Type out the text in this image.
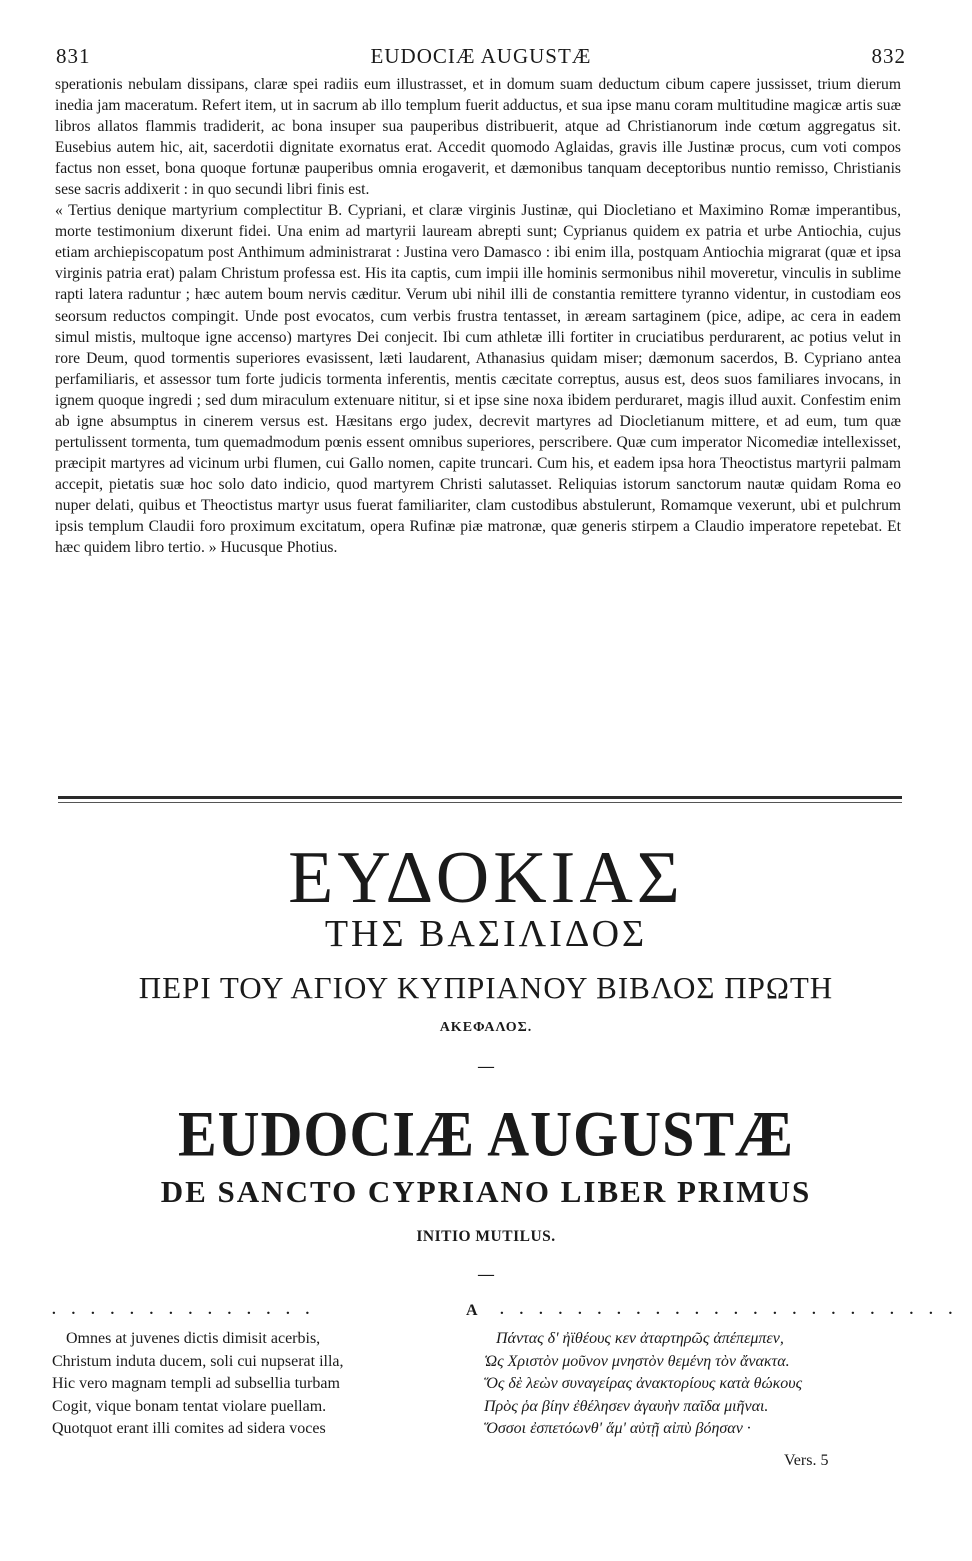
831	EUDOCIÆ AUGUSTÆ	832

sperationis nebulam dissipans, claræ spei radiis eum illustrasset, et in domum suam deductum cibum capere jussisset, trium dierum inedia jam maceratum. Refert item, ut in sacrum ab illo templum fuerit adductus, et sua ipse manu coram multitudine magicæ artis suæ libros allatos flammis tradiderit, ac bona insuper sua pauperibus distribuerit, atque ad Christianorum inde cœtum aggregatus sit. Eusebius autem hic, ait, sacerdotii dignitate exornatus erat. Accedit quomodo Aglaidas, gravis ille Justinæ procus, cum voti compos factus non esset, bona quoque fortunæ pauperibus omnia erogaverit, et dæmonibus tanquam deceptoribus nuntio remisso, Christianis sese sacris addixerit : in quo secundi libri finis est.

« Tertius denique martyrium complectitur B. Cypriani, et claræ virginis Justinæ, qui Diocletiano et Maximino Romæ imperantibus, morte testimonium dixerunt fidei. Una enim ad martyrii lauream abrepti sunt; Cyprianus quidem ex patria et urbe Antiochia, cujus etiam archiepiscopatum post Anthimum administrarat : Justina vero Damasco : ibi enim illa, postquam Antiochia migrarat (quæ et ipsa virginis patria erat) palam Christum professa est. His ita captis, cum impii ille hominis sermonibus nihil moveretur, vinculis in sublime rapti latera raduntur ; hæc autem boum nervis cæditur. Verum ubi nihil illi de constantia remittere tyranno videntur, in custodiam eos seorsum reductos compingit. Unde post evocatos, cum verbis frustra tentasset, in æream sartaginem (pice, adipe, ac cera in eadem simul mistis, multoque igne accenso) martyres Dei conjecit. Ibi cum athletæ illi fortiter in cruciatibus perdurarent, ac potius velut in rore Deum, quod tormentis superiores evasissent, læti laudarent, Athanasius quidam miser; dæmonum sacerdos, B. Cypriano antea perfamiliaris, et assessor tum forte judicis tormenta inferentis, mentis cæcitate correptus, ausus est, deos suos familiares invocans, in ignem quoque ingredi ; sed dum miraculum extenuare nititur, si et ipse sine noxa ibidem perduraret, magis illud auxit. Confestim enim ab igne absumptus in cinerem versus est. Hæsitans ergo judex, decrevit martyres ad Diocletianum mittere, et ad eum, tum quæ pertulissent tormenta, tum quemadmodum pœnis essent omnibus superiores, perscribere. Quæ cum imperator Nicomediæ intellexisset, præcipit martyres ad vicinum urbi flumen, cui Gallo nomen, capite truncari. Cum his, et eadem ipsa hora Theoctistus martyrii palmam accepit, pietatis suæ hoc solo dato indicio, quod martyrem Christi salutasset. Reliquias istorum sanctorum nautæ quidam Roma eo nuper delati, quibus et Theoctistus martyr usus fuerat familiariter, clam custodibus abstulerunt, Romamque vexerunt, ubi et pulchrum ipsis templum Claudii foro proximum excitatum, opera Rufinæ piæ matronæ, quæ generis stirpem a Claudio imperatore repetebat. Et hæc quidem libro tertio. » Hucusque Photius.

ΕΥΔΟΚΙΑΣ
ΤΗΣ ΒΑΣΙΛΙΔΟΣ
ΠΕΡΙ ΤΟΥ ΑΓΙΟΥ ΚΥΠΡΙΑΝΟΥ ΒΙΒΛΟΣ ΠΡΩΤΗ
ΑΚΕΦΑΛΟΣ.
—
EUDOCIÆ AUGUSTÆ
DE SANCTO CYPRIANO LIBER PRIMUS
INITIO MUTILUS.
—
. . . . . . . . . . . . . .	A . . . . . . . . . . . . . . . . . . . . . . . .
Omnes at juvenes dictis dimisit acerbis,
Christum induta ducem, soli cui nupserat illa,
Hic vero magnam templi ad subsellia turbam
Cogit, vique bonam tentat violare puellam.
Quotquot erant illi comites ad sidera voces
Πάντας δ' ἠϊθέους κεν ἀταρτηρῶς ἀπέπεμπεν,
Ὡς Χριστὸν μοῦνον μνηστὸν θεμένη τὸν ἄνακτα.
Ὅς δὲ λεὼν συναγείρας ἀνακτορίους κατὰ θώκους
Πρὸς ῥα βίην ἐθέλησεν ἀγαυὴν παῖδα μιῆναι.
Ὅσσοι ἐσπετόωνθ' ἅμ' αὐτῇ αἰπὺ βόησαν ·
Vers. 5
